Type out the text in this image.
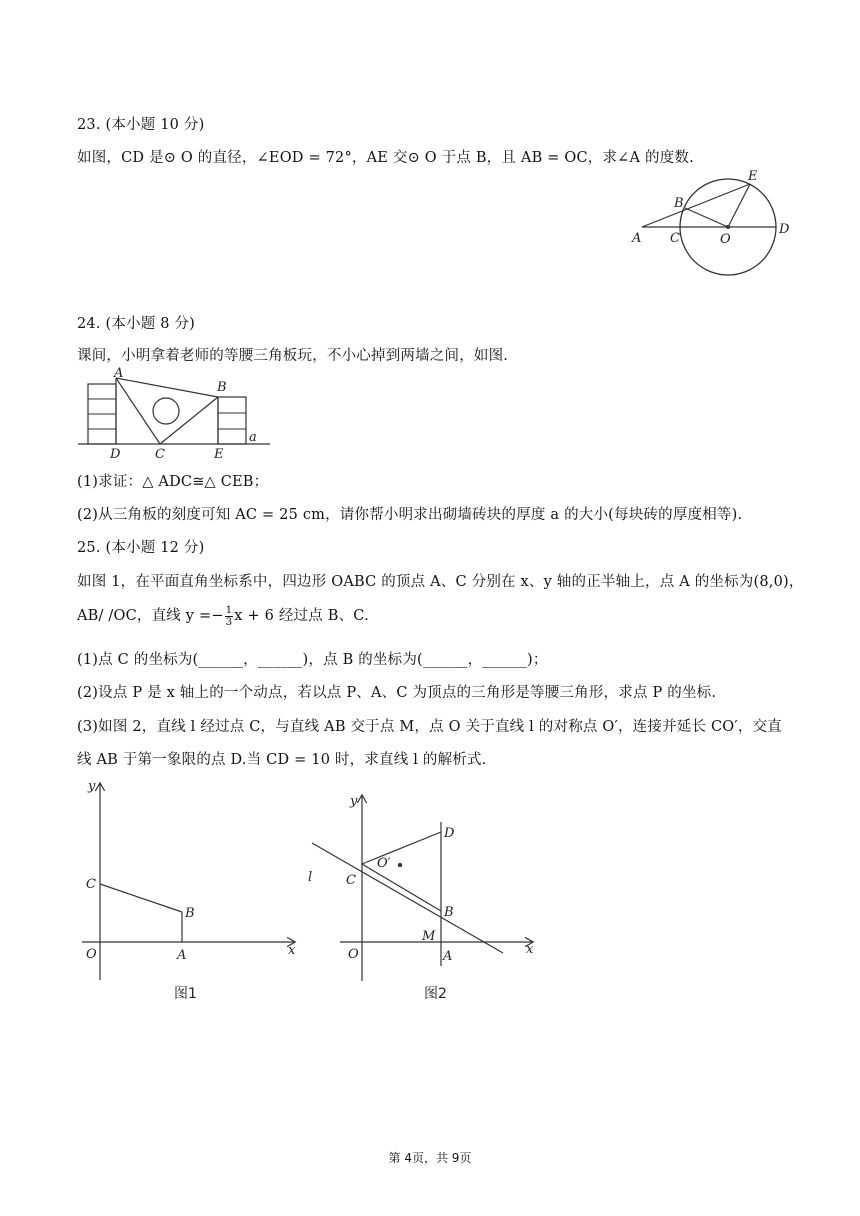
23. (本小题 10 分)
如图，CD 是⊙ O 的直径，∠EOD = 72°，AE 交⊙ O 于点 B，且 AB = OC，求∠A 的度数.
A C	O
D
B
E
24. (本小题 8 分)
课间，小明拿着老师的等腰三角板玩，不小心掉到两墙之间，如图.
A
B
D	C	E
a
(1)求证：△ ADC≅△ CEB；
(2)从三角板的刻度可知 AC = 25 cm，请你帮小明求出砌墙砖块的厚度 a 的大小(每块砖的厚度相等).
25. (本小题 12 分)
如图 1，在平面直角坐标系中，四边形 OABC 的顶点 A、C 分别在 x、y 轴的正半轴上，点 A 的坐标为(8,0)，
AB/ /OC，直线 $y =- \frac{1}{3}$ x + 6 经过点 B、C.
(1)点 C 的坐标为(______，______)，点 B 的坐标为(______，______)；
(2)设点 P 是 x 轴上的一个动点，若以点 P、A、C 为顶点的三角形是等腰三角形，求点 P 的坐标.
(3)如图 2，直线 l 经过点 C，与直线 AB 交于点 M，点 O 关于直线 l 的对称点 O′，连接并延长 CO′，交直
线 AB 于第一象限的点 D.当 CD = 10 时，求直线 l 的解析式.
y
x
C
B
O	A
图1
y
x
D
O′
l	C
B
M
O	A
图2
第 4页，共 9页
